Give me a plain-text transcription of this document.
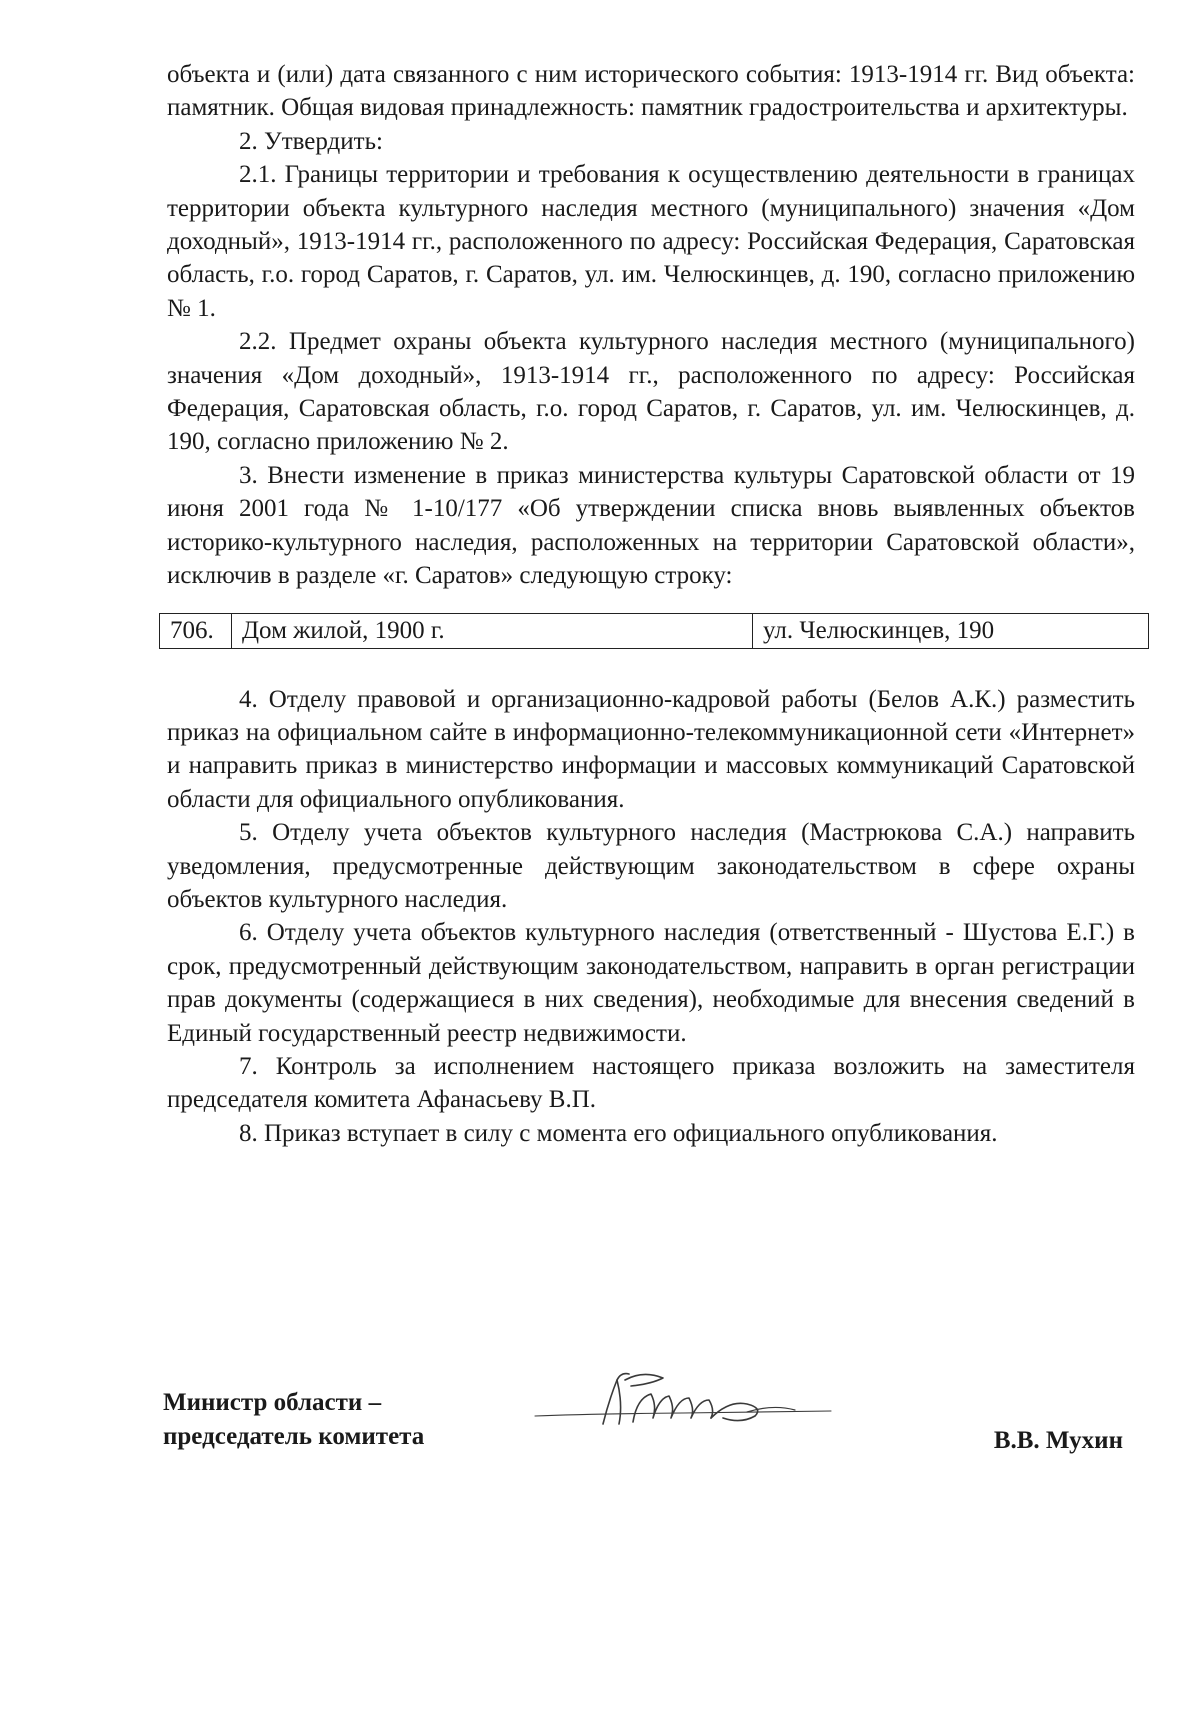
объекта и (или) дата связанного с ним исторического события: 1913-1914 гг. Вид объекта: памятник. Общая видовая принадлежность: памятник градостроительства и архитектуры.

2. Утвердить:

2.1. Границы территории и требования к осуществлению деятельности в границах территории объекта культурного наследия местного (муниципального) значения «Дом доходный», 1913-1914 гг., расположенного по адресу: Российская Федерация, Саратовская область, г.о. город Саратов, г. Саратов, ул. им. Челюскинцев, д. 190, согласно приложению № 1.

2.2. Предмет охраны объекта культурного наследия местного (муниципального) значения «Дом доходный», 1913-1914 гг., расположенного по адресу: Российская Федерация, Саратовская область, г.о. город Саратов, г. Саратов, ул. им. Челюскинцев, д. 190, согласно приложению № 2.

3. Внести изменение в приказ министерства культуры Саратовской области от 19 июня 2001 года № 1-10/177 «Об утверждении списка вновь выявленных объектов историко-культурного наследия, расположенных на территории Саратовской области», исключив в разделе «г. Саратов» следующую строку:

706.	Дом жилой, 1900 г.	ул. Челюскинцев, 190

4. Отделу правовой и организационно-кадровой работы (Белов А.К.) разместить приказ на официальном сайте в информационно-телекоммуникационной сети «Интернет» и направить приказ в министерство информации и массовых коммуникаций Саратовской области для официального опубликования.

5. Отделу учета объектов культурного наследия (Мастрюкова С.А.) направить уведомления, предусмотренные действующим законодательством в сфере охраны объектов культурного наследия.

6. Отделу учета объектов культурного наследия (ответственный - Шустова Е.Г.) в срок, предусмотренный действующим законодательством, направить в орган регистрации прав документы (содержащиеся в них сведения), необходимые для внесения сведений в Единый государственный реестр недвижимости.

7. Контроль за исполнением настоящего приказа возложить на заместителя председателя комитета Афанасьеву В.П.

8. Приказ вступает в силу с момента его официального опубликования.

Министр области –
председатель комитета	В.В. Мухин
